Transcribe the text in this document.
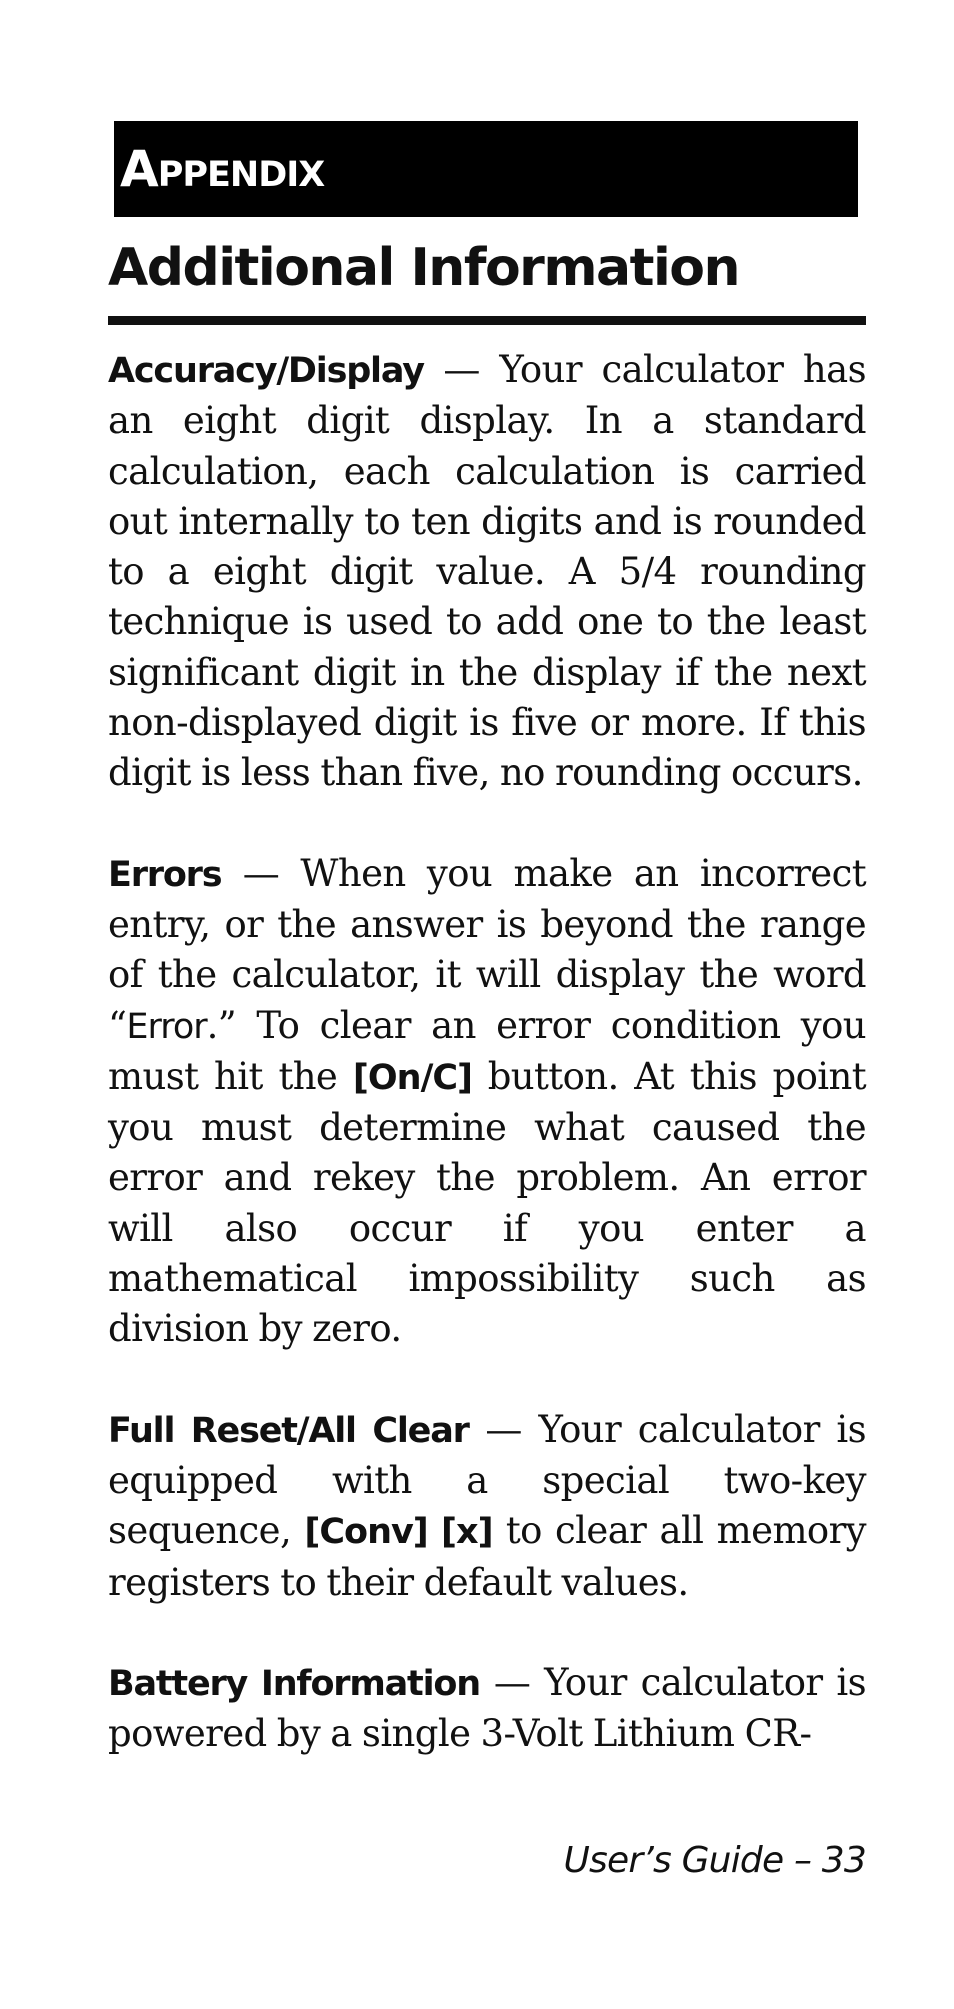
Appendix
Additional Information

Accuracy/Display — Your calculator has an eight digit display. In a standard calculation, each calculation is carried out internally to ten digits and is rounded to a eight digit value. A 5/4 rounding technique is used to add one to the least significant digit in the display if the next non-displayed digit is five or more. If this digit is less than five, no rounding occurs.

Errors — When you make an incorrect entry, or the answer is beyond the range of the calculator, it will display the word “Error.” To clear an error condition you must hit the [On/C] button. At this point you must determine what caused the error and rekey the problem. An error will also occur if you enter a mathematical impossibility such as division by zero.

Full Reset/All Clear — Your calculator is equipped with a special two-key sequence, [Conv] [x] to clear all memory registers to their default values.

Battery Information — Your calculator is powered by a single 3-Volt Lithium CR-

User’s Guide – 33
